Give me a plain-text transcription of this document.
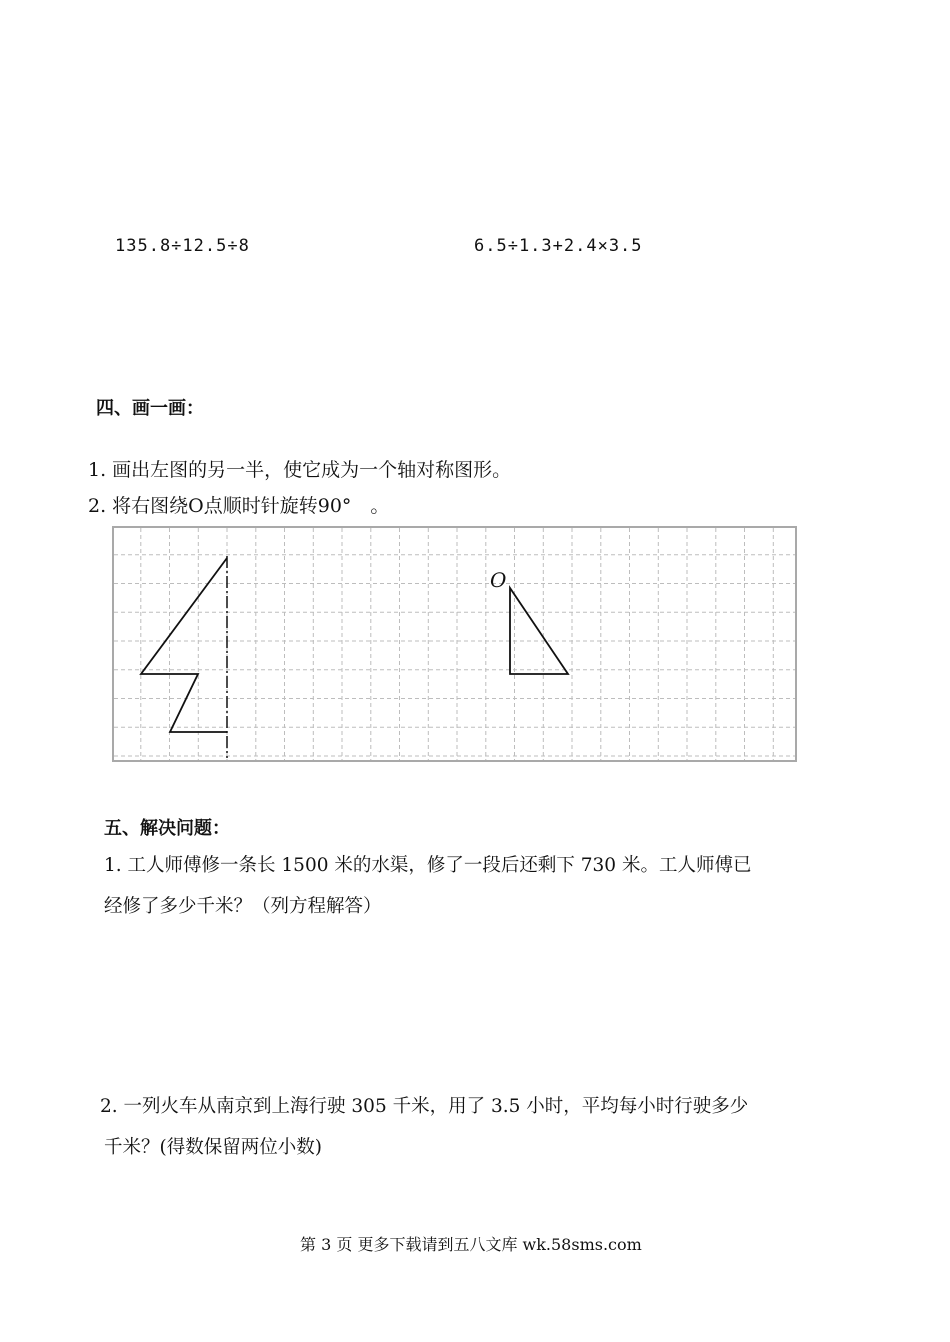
135.8÷12.5÷8	6.5÷1.3+2.4×3.5
四、画一画：
1. 画出左图的另一半，使它成为一个轴对称图形。
2. 将右图绕O点顺时针旋转90°　。
O
五、解决问题：
1. 工人师傅修一条长 1500 米的水渠，修了一段后还剩下 730 米。工人师傅已
经修了多少千米？（列方程解答）
2. 一列火车从南京到上海行驶 305 千米，用了 3.5 小时，平均每小时行驶多少
千米？(得数保留两位小数)
第 3 页 更多下载请到五八文库 wk.58sms.com
